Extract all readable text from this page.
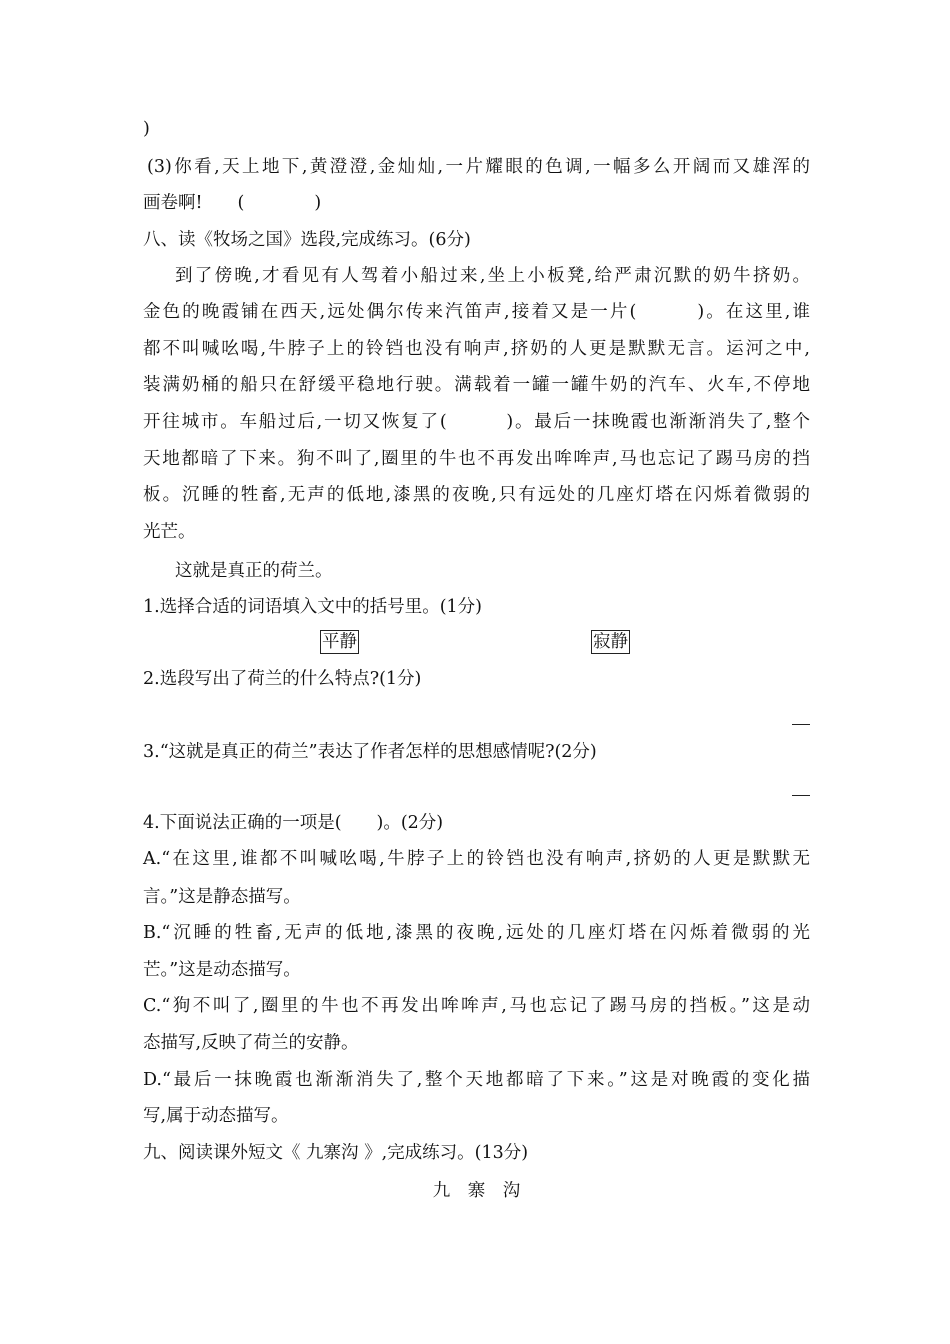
)
(3)你看,天上地下,黄澄澄,金灿灿,一片耀眼的色调,一幅多么开阔而又雄浑的
画卷啊!　　(　　　　)
八、读《牧场之国》选段,完成练习。(6分)
到了傍晚,才看见有人驾着小船过来,坐上小板凳,给严肃沉默的奶牛挤奶。
金色的晚霞铺在西天,远处偶尔传来汽笛声,接着又是一片(　　　)。在这里,谁
都不叫喊吆喝,牛脖子上的铃铛也没有响声,挤奶的人更是默默无言。运河之中,
装满奶桶的船只在舒缓平稳地行驶。满载着一罐一罐牛奶的汽车、火车,不停地
开往城市。车船过后,一切又恢复了(　　　)。最后一抹晚霞也渐渐消失了,整个
天地都暗了下来。狗不叫了,圈里的牛也不再发出哞哞声,马也忘记了踢马房的挡
板。沉睡的牲畜,无声的低地,漆黑的夜晚,只有远处的几座灯塔在闪烁着微弱的
光芒。
这就是真正的荷兰。
1.选择合适的词语填入文中的括号里。(1分)
平静	寂静
2.选段写出了荷兰的什么特点?(1分)
3.“这就是真正的荷兰”表达了作者怎样的思想感情呢?(2分)
4.下面说法正确的一项是(　　)。(2分)
A.“在这里,谁都不叫喊吆喝,牛脖子上的铃铛也没有响声,挤奶的人更是默默无
言。”这是静态描写。
B.“沉睡的牲畜,无声的低地,漆黑的夜晚,远处的几座灯塔在闪烁着微弱的光
芒。”这是动态描写。
C.“狗不叫了,圈里的牛也不再发出哞哞声,马也忘记了踢马房的挡板。”这是动
态描写,反映了荷兰的安静。
D.“最后一抹晚霞也渐渐消失了,整个天地都暗了下来。”这是对晚霞的变化描
写,属于动态描写。
九、阅读课外短文《 九寨沟 》,完成练习。(13分)
九　寨　沟
